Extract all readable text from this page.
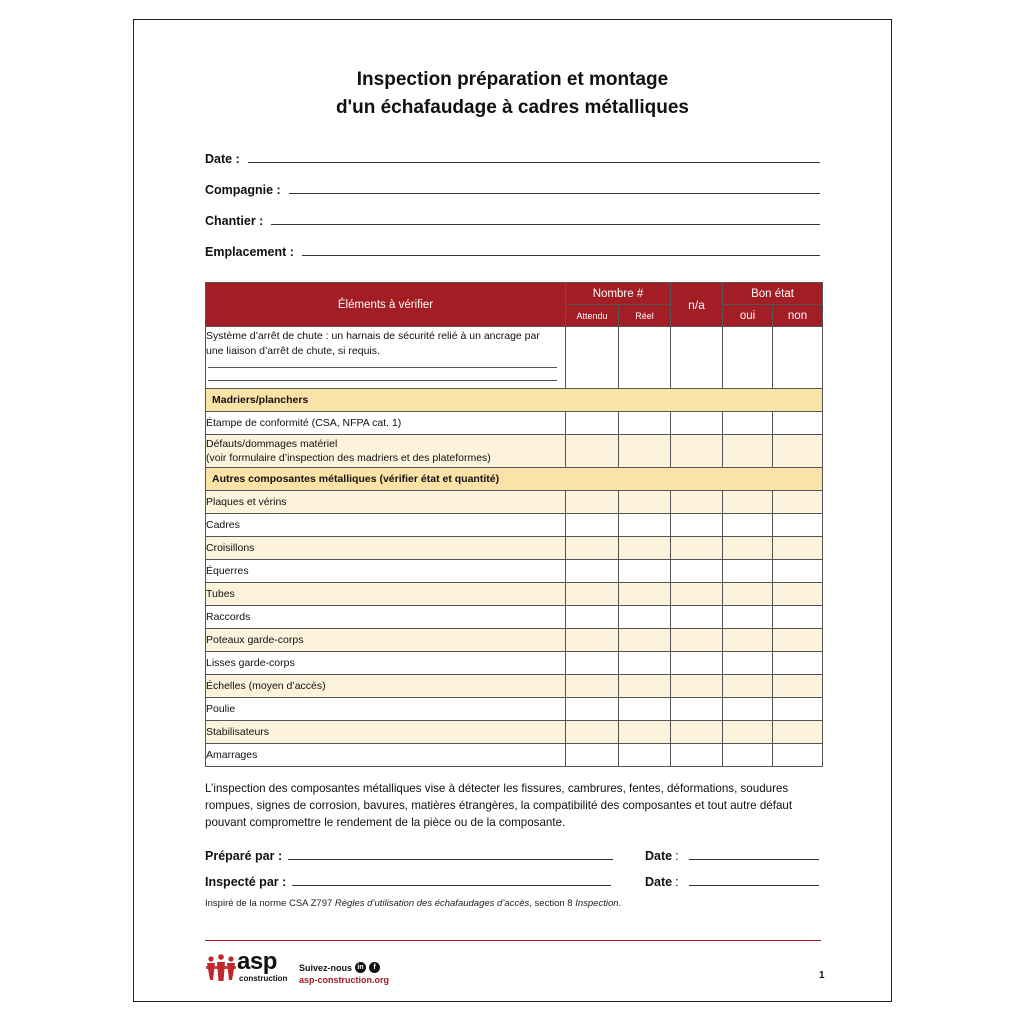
Inspection préparation et montage
d'un échafaudage à cadres métalliques
Date :
Compagnie :
Chantier :
Emplacement :
Éléments à vérifier	Nombre #		n/a	Bon état	
	Attendu	Réel		oui	non

Système d’arrêt de chute : un harnais de sécurité relié à un ancrage par une liaison d’arrêt de chute, si requis.					

Madriers/planchers					
Étampe de conformité (CSA, NFPA cat. 1)					

Défauts/dommages matériel
(voir formulaire d’inspection des madriers et des plateformes)					

Autres composantes métalliques (vérifier état et quantité)					
Plaques et vérins					
Cadres					
Croisillons					
Équerres					
Tubes					
Raccords					
Poteaux garde-corps					
Lisses garde-corps					
Échelles (moyen d’accès)					
Poulie					
Stabilisateurs					
Amarrages					
L’inspection des composantes métalliques vise à détecter les fissures, cambrures, fentes, déformations, soudures rompues, signes de corrosion, bavures, matières étrangères, la compatibilité des composantes et tout autre défaut pouvant compromettre le rendement de la pièce ou de la composante.
Préparé par :	Date :
Inspecté par :	Date :
Inspiré de la norme CSA Z797 Règles d’utilisation des échafaudages d’accès, section 8 Inspection.
asp
construction
Suivez-nous in	f
asp-construction.org	1
